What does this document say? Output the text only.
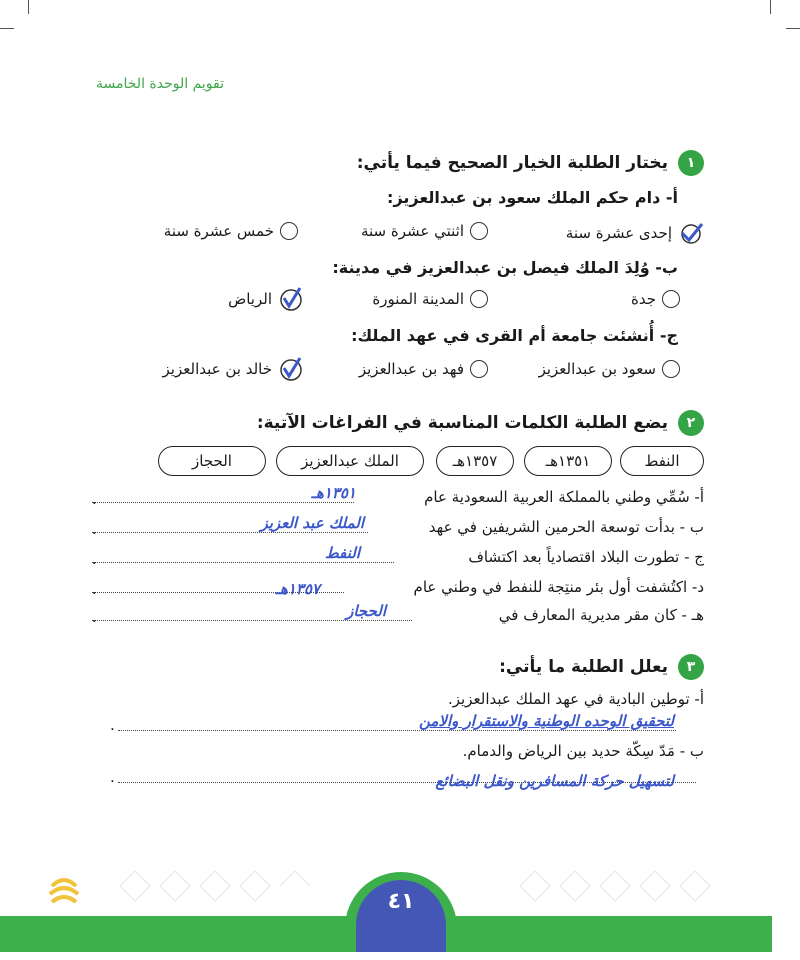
تقويم الوحدة الخامسة
١
يختار الطلبة الخيار الصحيح فيما يأتي:
أ- دام حكم الملك سعود بن عبدالعزيز:
إحدى عشرة سنة
اثنتي عشرة سنة
خمس عشرة سنة
ب- وُلِدَ الملك فيصل بن عبدالعزيز في مدينة:
جدة
المدينة المنورة
الرياض
ج- أُنشئت جامعة أم القرى في عهد الملك:
سعود بن عبدالعزيز
فهد بن عبدالعزيز
خالد بن عبدالعزيز
٢
يضع الطلبة الكلمات المناسبة في الفراغات الآتية:
النفط
١٣٥١هـ
١٣٥٧هـ
الملك عبدالعزيز
الحجاز
أ- سُمِّي وطني بالمملكة العربية السعودية عام
١٣٥١هـ
.
ب - بدأت توسعة الحرمين الشريفين في عهد
الملك عبد العزيز
.
ج - تطورت البلاد اقتصادياً بعد اكتشاف
النفط
.
د- اكتُشفت أول بئر منتِجة للنفط في وطني عام
١٣٥٧هـ
.
هـ - كان مقر مديرية المعارف في
الحجاز
.
٣
يعلل الطلبة ما يأتي:
أ- توطين البادية في عهد الملك عبدالعزيز.
لتحقيق الوحده الوطنية والاستقرار والامن
.
ب - مَدّ سِكّة حديد بين الرياض والدمام.
لتسهيل حركة المسافرين ونقل البضائع
.
٤١
